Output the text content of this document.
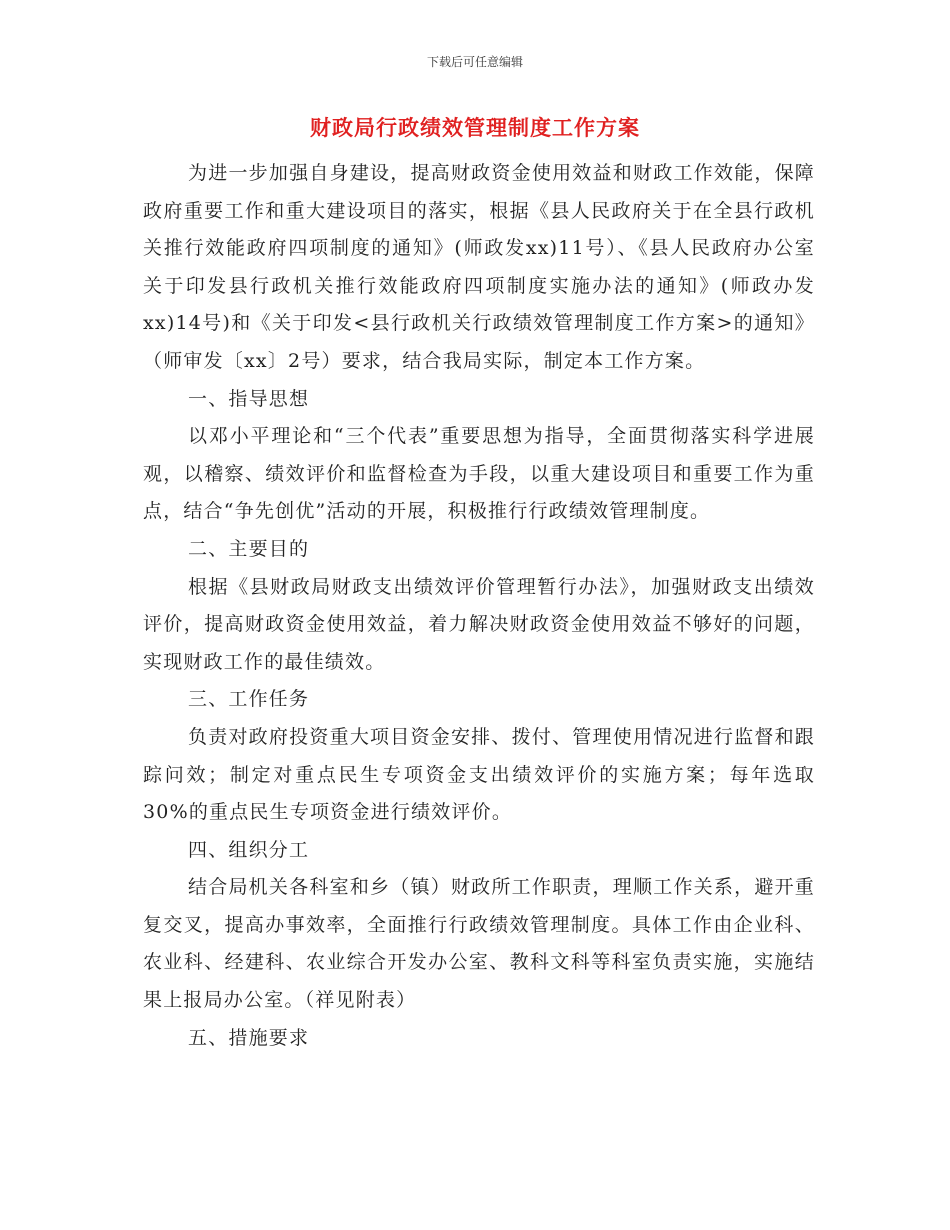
下载后可任意编辑
财政局行政绩效管理制度工作方案

为进一步加强自身建设，提高财政资金使用效益和财政工作效能，保障政府重要工作和重大建设项目的落实，根据《县人民政府关于在全县行政机关推行效能政府四项制度的通知》(师政发xx)11号）、《县人民政府办公室关于印发县行政机关推行效能政府四项制度实施办法的通知》(师政办发xx)14号)和《关于印发<县行政机关行政绩效管理制度工作方案>的通知》（师审发〔xx〕2号）要求，结合我局实际，制定本工作方案。

一、指导思想

以邓小平理论和“三个代表”重要思想为指导，全面贯彻落实科学进展观，以稽察、绩效评价和监督检查为手段，以重大建设项目和重要工作为重点，结合“争先创优”活动的开展，积极推行行政绩效管理制度。

二、主要目的

根据《县财政局财政支出绩效评价管理暂行办法》，加强财政支出绩效评价，提高财政资金使用效益，着力解决财政资金使用效益不够好的问题，实现财政工作的最佳绩效。

三、工作任务

负责对政府投资重大项目资金安排、拨付、管理使用情况进行监督和跟踪问效；制定对重点民生专项资金支出绩效评价的实施方案；每年选取30%的重点民生专项资金进行绩效评价。

四、组织分工

结合局机关各科室和乡（镇）财政所工作职责，理顺工作关系，避开重复交叉，提高办事效率，全面推行行政绩效管理制度。具体工作由企业科、农业科、经建科、农业综合开发办公室、教科文科等科室负责实施，实施结果上报局办公室。（祥见附表）

五、措施要求
